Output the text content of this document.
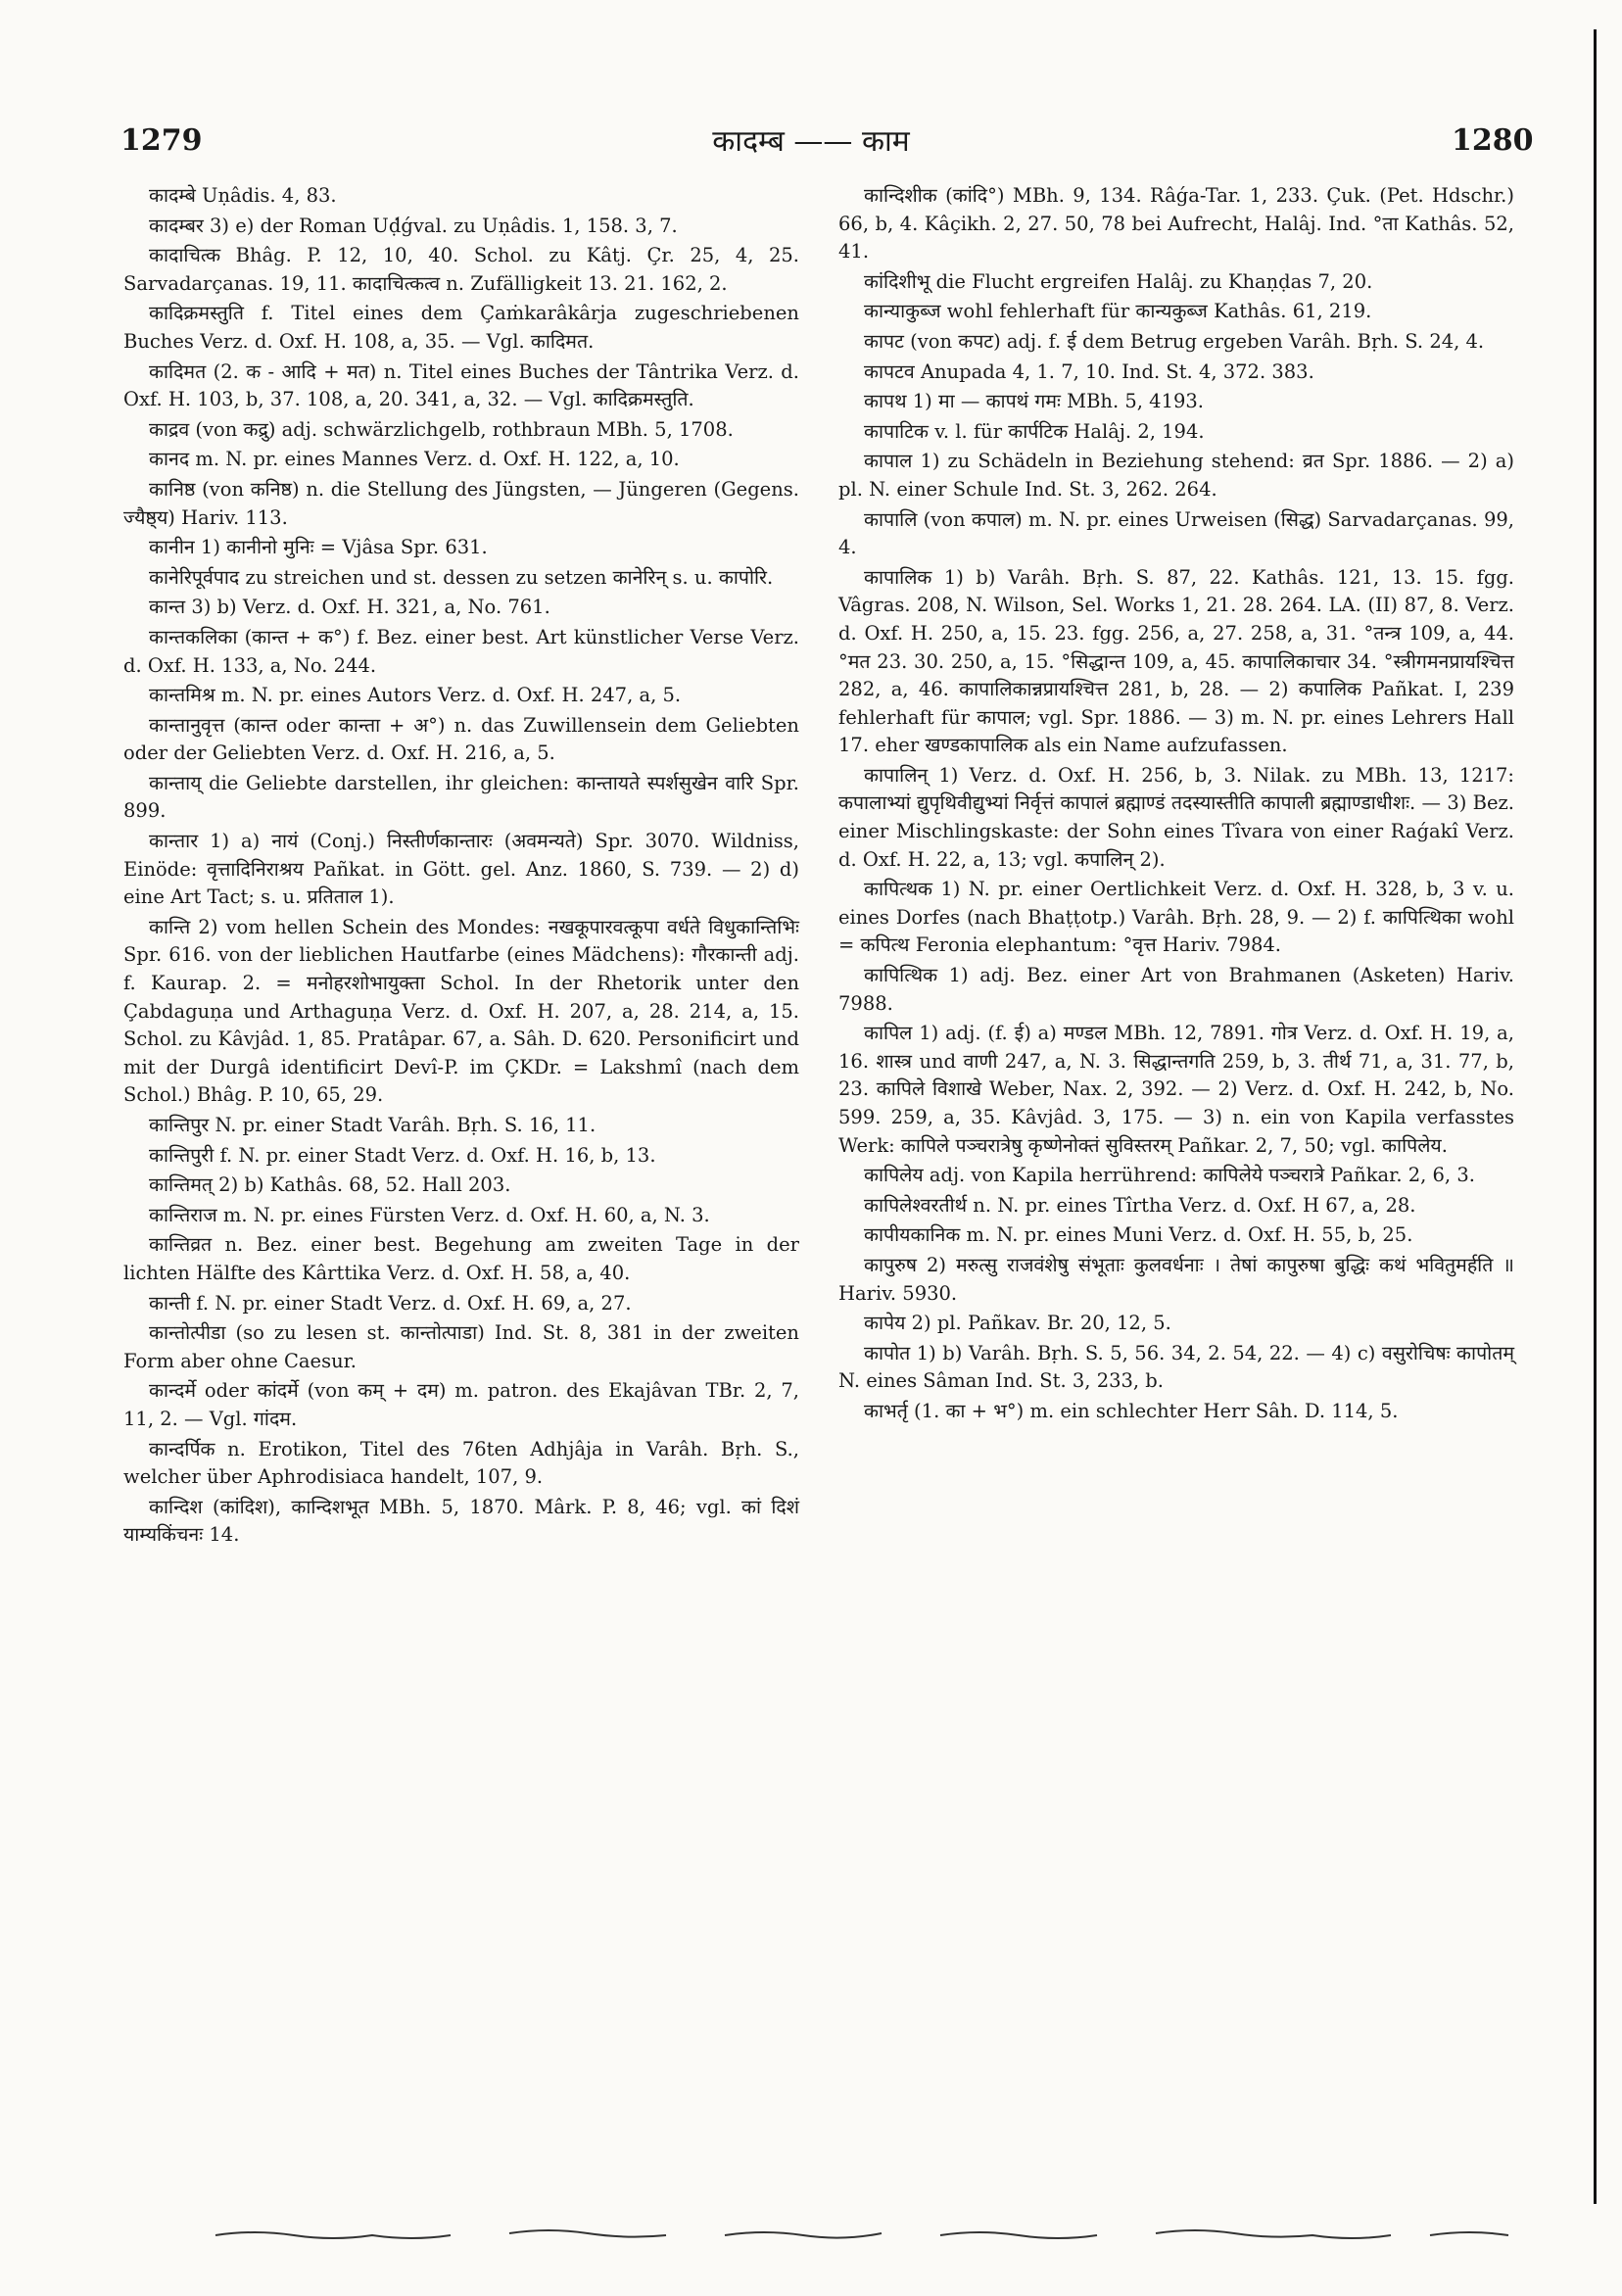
1279	कादम्ब —— काम	1280

कादम्बे Uṇâdis. 4, 83.

कादम्बर 3) e) der Roman Uḍ́ǵval. zu Uṇâdis. 1, 158. 3, 7.

कादाचित्क Bhâg. P. 12, 10, 40. Schol. zu Kâtj. Çr. 25, 4, 25. Sarvadarçanas. 19, 11. कादाचित्कत्व n. Zufälligkeit 13. 21. 162, 2.

कादिक्रमस्तुति f. Titel eines dem Çaṁkarâkârja zugeschriebenen Buches Verz. d. Oxf. H. 108, a, 35. — Vgl. कादिमत.

कादिमत (2. क - आदि + मत) n. Titel eines Buches der Tântrika Verz. d. Oxf. H. 103, b, 37. 108, a, 20. 341, a, 32. — Vgl. कादिक्रमस्तुति.

काद्रव (von कद्रु) adj. schwärzlichgelb, rothbraun MBh. 5, 1708.

कानद m. N. pr. eines Mannes Verz. d. Oxf. H. 122, a, 10.

कानिष्ठ (von कनिष्ठ) n. die Stellung des Jüngsten, — Jüngeren (Gegens. ज्यैष्ठ्य) Hariv. 113.

कानीन 1) कानीनो मुनिः = Vjâsa Spr. 631.

कानेरिपूर्वपाद zu streichen und st. dessen zu setzen कानेरिन् s. u. कापोरि.

कान्त 3) b) Verz. d. Oxf. H. 321, a, No. 761.

कान्तकलिका (कान्त + क°) f. Bez. einer best. Art künstlicher Verse Verz. d. Oxf. H. 133, a, No. 244.

कान्तमिश्र m. N. pr. eines Autors Verz. d. Oxf. H. 247, a, 5.

कान्तानुवृत्त (कान्त oder कान्ता + अ°) n. das Zuwillensein dem Geliebten oder der Geliebten Verz. d. Oxf. H. 216, a, 5.

कान्ताय् die Geliebte darstellen, ihr gleichen: कान्तायते स्पर्शसुखेन वारि Spr. 899.

कान्तार 1) a) नायं (Conj.) निस्तीर्णकान्तारः (अवमन्यते) Spr. 3070. Wildniss, Einöde: वृत्तादिनिराश्रय Pañkat. in Gött. gel. Anz. 1860, S. 739. — 2) d) eine Art Tact; s. u. प्रतिताल 1).

कान्ति 2) vom hellen Schein des Mondes: नखकूपारवत्कूपा वर्धते विधुकान्तिभिः Spr. 616. von der lieblichen Hautfarbe (eines Mädchens): गौरकान्ती adj. f. Kaurap. 2. = मनोहरशोभायुक्ता Schol. In der Rhetorik unter den Çabdaguṇa und Arthaguṇa Verz. d. Oxf. H. 207, a, 28. 214, a, 15. Schol. zu Kâvjâd. 1, 85. Pratâpar. 67, a. Sâh. D. 620. Personificirt und mit der Durgâ identificirt Devî-P. im ÇKDr. = Lakshmî (nach dem Schol.) Bhâg. P. 10, 65, 29.

कान्तिपुर N. pr. einer Stadt Varâh. Bṛh. S. 16, 11.

कान्तिपुरी f. N. pr. einer Stadt Verz. d. Oxf. H. 16, b, 13.

कान्तिमत् 2) b) Kathâs. 68, 52. Hall 203.

कान्तिराज m. N. pr. eines Fürsten Verz. d. Oxf. H. 60, a, N. 3.

कान्तिव्रत n. Bez. einer best. Begehung am zweiten Tage in der lichten Hälfte des Kârttika Verz. d. Oxf. H. 58, a, 40.

कान्ती f. N. pr. einer Stadt Verz. d. Oxf. H. 69, a, 27.

कान्तोत्पीडा (so zu lesen st. कान्तोत्पाडा) Ind. St. 8, 381 in der zweiten Form aber ohne Caesur.

कान्दर्मे oder कांदर्मे (von कम् + दम) m. patron. des Ekajâvan TBr. 2, 7, 11, 2. — Vgl. गांदम.

कान्दर्पिक n. Erotikon, Titel des 76ten Adhjâja in Varâh. Bṛh. S., welcher über Aphrodisiaca handelt, 107, 9.

कान्दिश (कांदिश), कान्दिशभूत MBh. 5, 1870. Mârk. P. 8, 46; vgl. कां दिशं याम्यकिंचनः 14.

कान्दिशीक (कांदि°) MBh. 9, 134. Râǵa-Tar. 1, 233. Çuk. (Pet. Hdschr.) 66, b, 4. Kâçikh. 2, 27. 50, 78 bei Aufrecht, Halâj. Ind. °ता Kathâs. 52, 41.

कांदिशीभू die Flucht ergreifen Halâj. zu Khaṇḍas 7, 20.

कान्याकुब्ज wohl fehlerhaft für कान्यकुब्ज Kathâs. 61, 219.

कापट (von कपट) adj. f. ई dem Betrug ergeben Varâh. Bṛh. S. 24, 4.

कापटव Anupada 4, 1. 7, 10. Ind. St. 4, 372. 383.

कापथ 1) मा — कापथं गमः MBh. 5, 4193.

कापाटिक v. l. für कार्पटिक Halâj. 2, 194.

कापाल 1) zu Schädeln in Beziehung stehend: व्रत Spr. 1886. — 2) a) pl. N. einer Schule Ind. St. 3, 262. 264.

कापालि (von कपाल) m. N. pr. eines Urweisen (सिद्ध) Sarvadarçanas. 99, 4.

कापालिक 1) b) Varâh. Bṛh. S. 87, 22. Kathâs. 121, 13. 15. fgg. Vâgras. 208, N. Wilson, Sel. Works 1, 21. 28. 264. LA. (II) 87, 8. Verz. d. Oxf. H. 250, a, 15. 23. fgg. 256, a, 27. 258, a, 31. °तन्त्र 109, a, 44. °मत 23. 30. 250, a, 15. °सिद्धान्त 109, a, 45. कापालिकाचार 34. °स्त्रीगमनप्रायश्चित्त 282, a, 46. कापालिकान्नप्रायश्चित्त 281, b, 28. — 2) कपालिक Pañkat. I, 239 fehlerhaft für कापाल; vgl. Spr. 1886. — 3) m. N. pr. eines Lehrers Hall 17. eher खण्डकापालिक als ein Name aufzufassen.

कापालिन् 1) Verz. d. Oxf. H. 256, b, 3. Nilak. zu MBh. 13, 1217: कपालाभ्यां द्युपृथिवीद्युभ्यां निर्वृत्तं कापालं ब्रह्माण्डं तदस्यास्तीति कापाली ब्रह्माण्डाधीशः. — 3) Bez. einer Mischlingskaste: der Sohn eines Tîvara von einer Raǵakî Verz. d. Oxf. H. 22, a, 13; vgl. कपालिन् 2).

कापित्थक 1) N. pr. einer Oertlichkeit Verz. d. Oxf. H. 328, b, 3 v. u. eines Dorfes (nach Bhaṭṭotp.) Varâh. Bṛh. 28, 9. — 2) f. कापित्थिका wohl = कपित्थ Feronia elephantum: °वृत्त Hariv. 7984.

कापित्थिक 1) adj. Bez. einer Art von Brahmanen (Asketen) Hariv. 7988.

कापिल 1) adj. (f. ई) a) मण्डल MBh. 12, 7891. गोत्र Verz. d. Oxf. H. 19, a, 16. शास्त्र und वाणी 247, a, N. 3. सिद्धान्तगति 259, b, 3. तीर्थ 71, a, 31. 77, b, 23. कापिले विशाखे Weber, Nax. 2, 392. — 2) Verz. d. Oxf. H. 242, b, No. 599. 259, a, 35. Kâvjâd. 3, 175. — 3) n. ein von Kapila verfasstes Werk: कापिले पञ्चरात्रेषु कृष्णेनोक्तं सुविस्तरम् Pañkar. 2, 7, 50; vgl. कापिलेय.

कापिलेय adj. von Kapila herrührend: कापिलेये पञ्चरात्रे Pañkar. 2, 6, 3.

कापिलेश्वरतीर्थ n. N. pr. eines Tîrtha Verz. d. Oxf. H 67, a, 28.

कापीयकानिक m. N. pr. eines Muni Verz. d. Oxf. H. 55, b, 25.

कापुरुष 2) मरुत्सु राजवंशेषु संभूताः कुलवर्धनाः । तेषां कापुरुषा बुद्धिः कथं भवितुमर्हति ॥ Hariv. 5930.

कापेय 2) pl. Pañkav. Br. 20, 12, 5.

कापोत 1) b) Varâh. Bṛh. S. 5, 56. 34, 2. 54, 22. — 4) c) वसुरोचिषः कापोतम् N. eines Sâman Ind. St. 3, 233, b.

काभर्तृ (1. का + भ°) m. ein schlechter Herr Sâh. D. 114, 5.
